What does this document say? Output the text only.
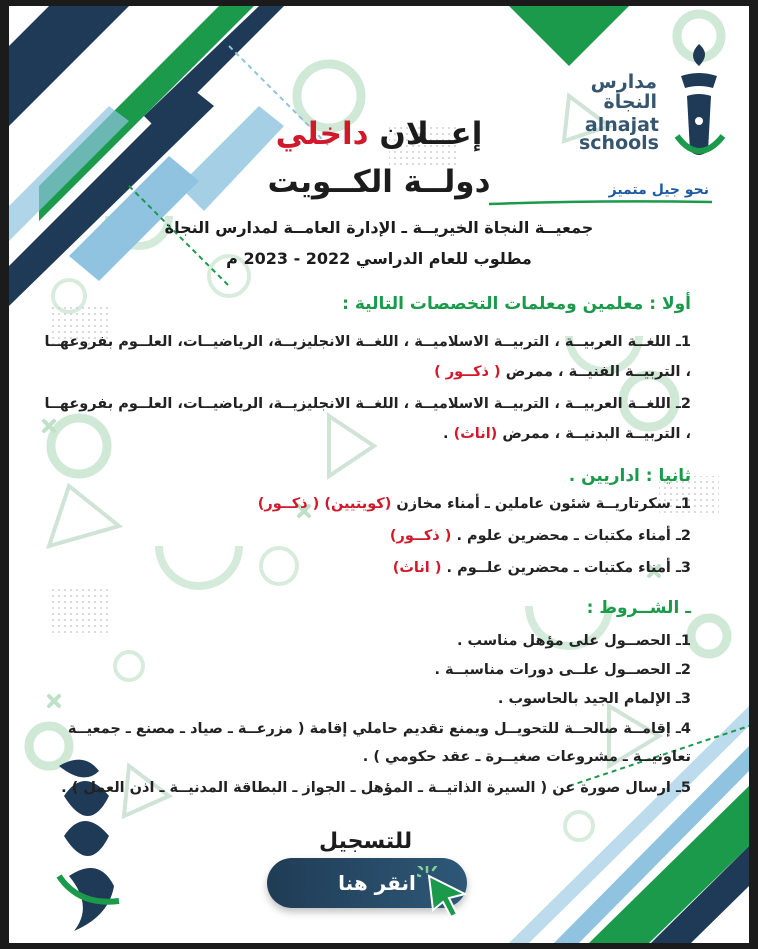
مدارس
النجاة
alnajat
schools
نحو جيل متميز
إعــلان داخلي
دولــة الكــويت
جمعيــة النجاة الخيريــة ـ الإدارة العامــة لمدارس النجاة
مطلوب للعام الدراسي 2022 - 2023 م
أولا : معلمين ومعلمات التخصصات التالية :
1ـ اللغــة العربيــة ، التربيــة الاسلاميــة ، اللغــة الانجليزيــة، الرياضيــات، العلــوم بفروعهــا
، التربيــة الفنيــة ، ممرض ( ذكــور )
2ـ اللغــة العربيــة ، التربيــة الاسلاميــة ، اللغــة الانجليزيــة، الرياضيــات، العلــوم بفروعهــا
، التربيــة البدنيــة ، ممرض (اناث) .
ثانيا : اداريين .
1ـ سكرتاريــة شئون عاملين ـ أمناء مخازن (كويتيين) ( ذكــور)
2ـ أمناء مكتبات ـ محضرين علوم . ( ذكــور)
3ـ أمناء مكتبات ـ محضرين علــوم . ( اناث)
ـ الشــروط :
1ـ الحصــول على مؤهل مناسب .
2ـ الحصــول علــى دورات مناسبــة .
3ـ الإلمام الجيد بالحاسوب .
4ـ إقامــة صالحــة للتحويــل ويمنع تقديم حاملي إقامة ( مزرعــة ـ صياد ـ مصنع ـ جمعيــة
تعاونيــة ـ مشروعات صغيــرة ـ عقد حكومي ) .
5ـ ارسال صورة عن ( السيرة الذاتيــة ـ المؤهل ـ الجواز ـ البطاقة المدنيــة ـ اذن العمل ) .
للتسجيل
انقر هنا
